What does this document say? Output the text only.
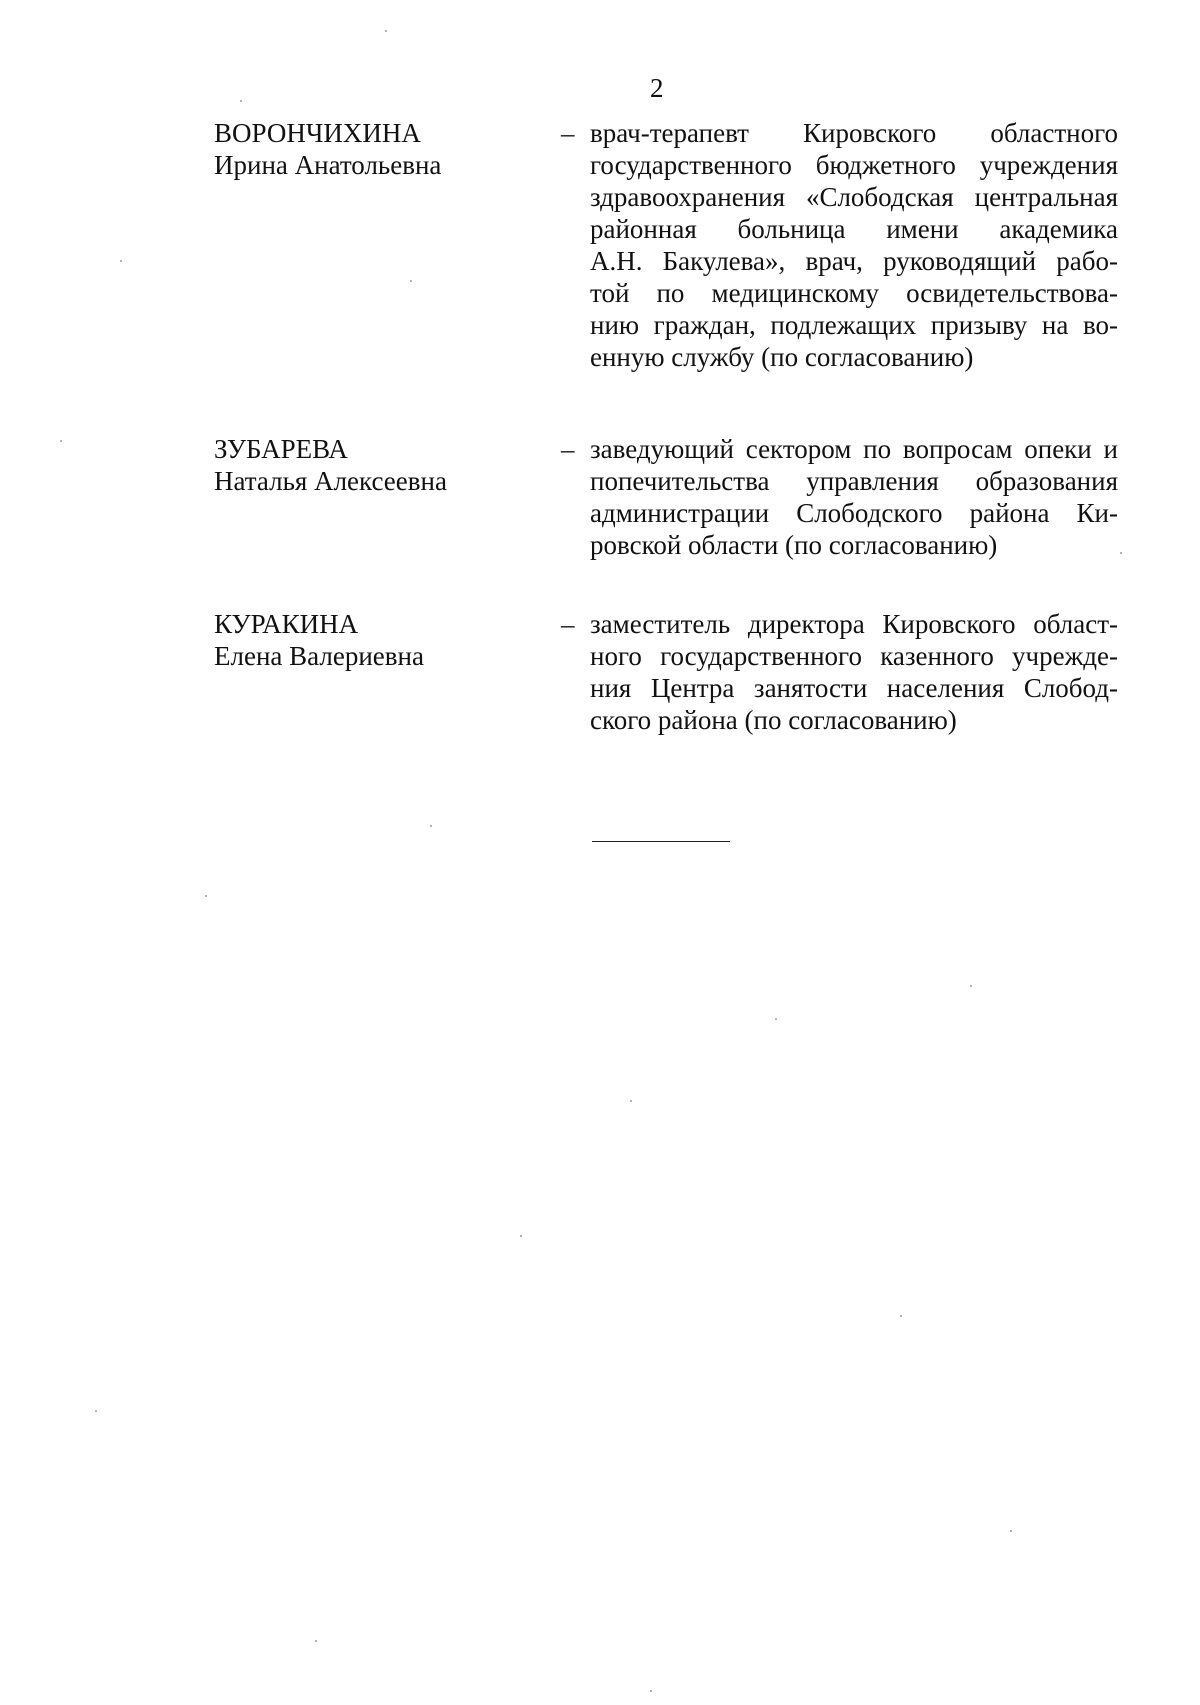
2
ВОРОНЧИХИНА
Ирина Анатольевна
– врач-терапевт Кировского областного
государственного бюджетного учреждения
здравоохранения «Слободская центральная
районная больница имени академика
А.Н. Бакулева», врач, руководящий рабо-
той по медицинскому освидетельствова-
нию граждан, подлежащих призыву на во-
енную службу (по согласованию)
ЗУБАРЕВА
Наталья Алексеевна
– заведующий сектором по вопросам опеки и
попечительства управления образования
администрации Слободского района Ки-
ровской области (по согласованию)
КУРАКИНА
Елена Валериевна
– заместитель директора Кировского област-
ного государственного казенного учрежде-
ния Центра занятости населения Слобод-
ского района (по согласованию)
